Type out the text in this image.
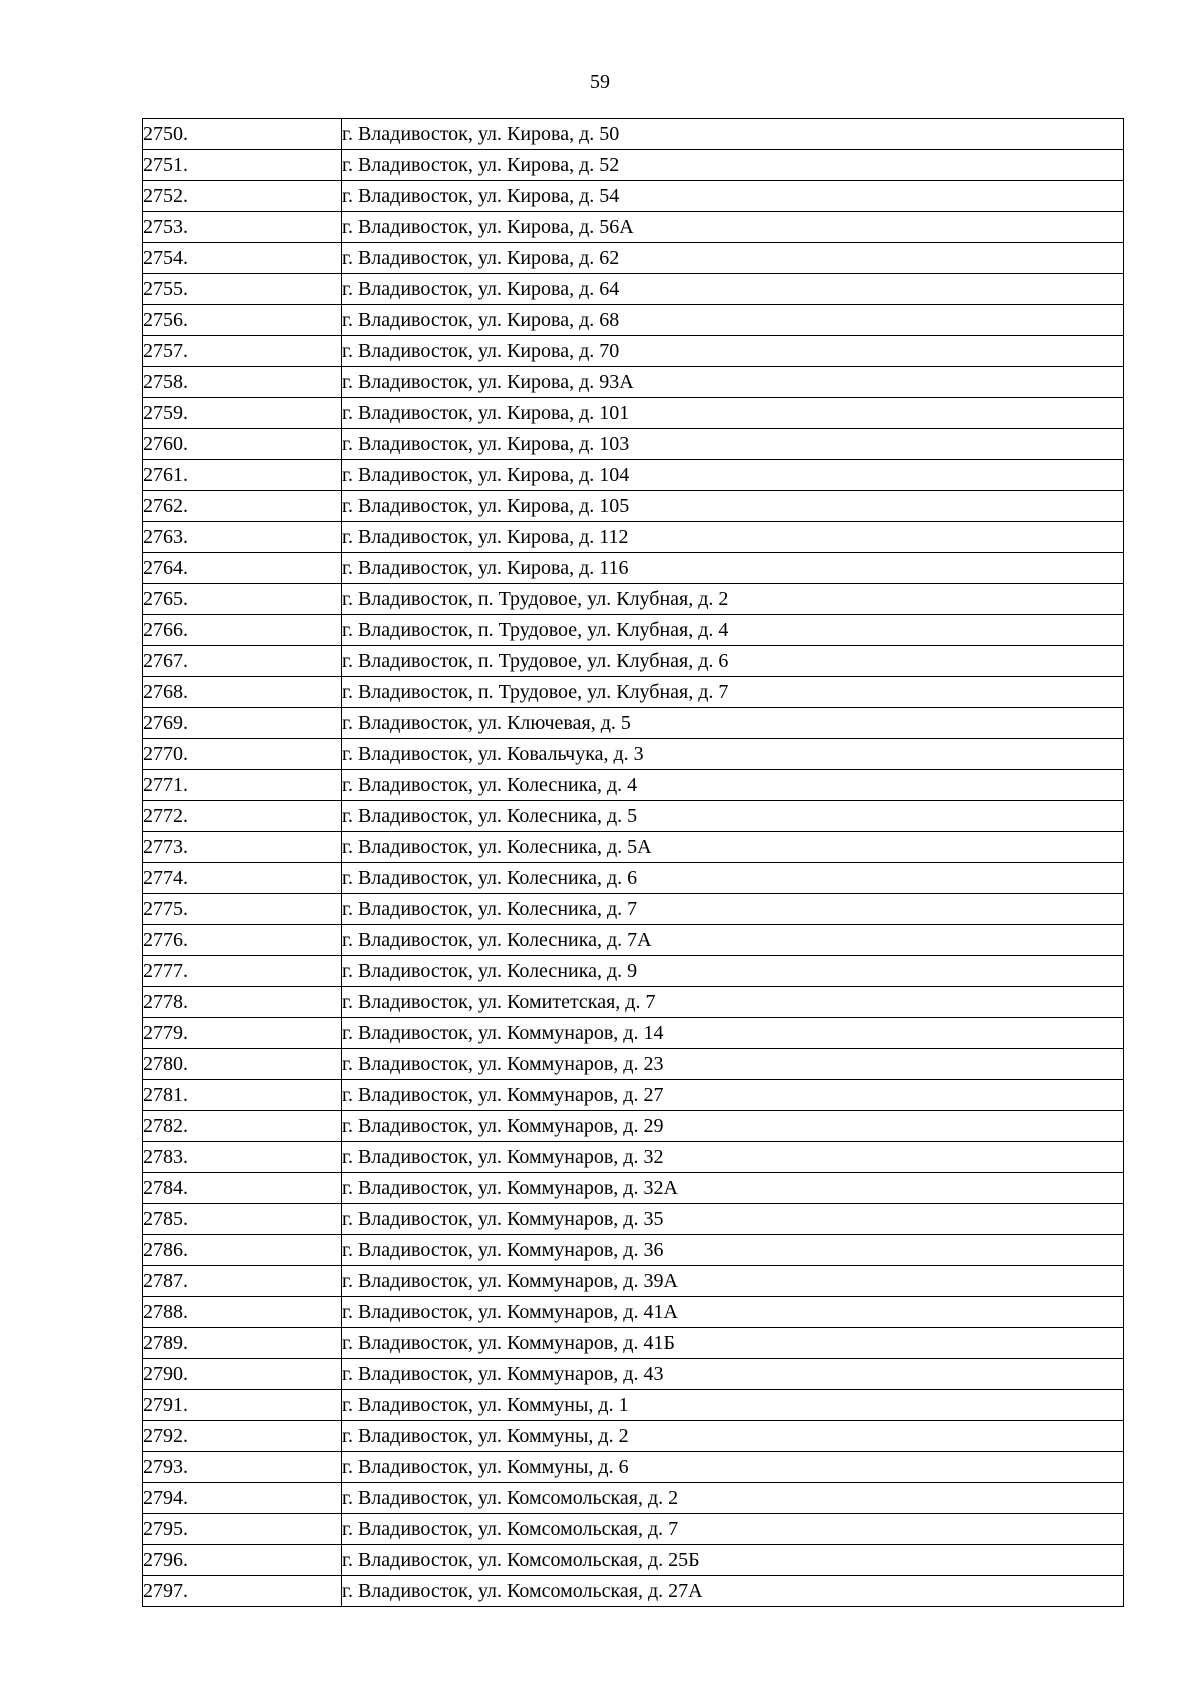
59
2750.	г. Владивосток, ул. Кирова, д. 50
2751.	г. Владивосток, ул. Кирова, д. 52
2752.	г. Владивосток, ул. Кирова, д. 54
2753.	г. Владивосток, ул. Кирова, д. 56А
2754.	г. Владивосток, ул. Кирова, д. 62
2755.	г. Владивосток, ул. Кирова, д. 64
2756.	г. Владивосток, ул. Кирова, д. 68
2757.	г. Владивосток, ул. Кирова, д. 70
2758.	г. Владивосток, ул. Кирова, д. 93А
2759.	г. Владивосток, ул. Кирова, д. 101
2760.	г. Владивосток, ул. Кирова, д. 103
2761.	г. Владивосток, ул. Кирова, д. 104
2762.	г. Владивосток, ул. Кирова, д. 105
2763.	г. Владивосток, ул. Кирова, д. 112
2764.	г. Владивосток, ул. Кирова, д. 116
2765.	г. Владивосток, п. Трудовое, ул. Клубная, д. 2
2766.	г. Владивосток, п. Трудовое, ул. Клубная, д. 4
2767.	г. Владивосток, п. Трудовое, ул. Клубная, д. 6
2768.	г. Владивосток, п. Трудовое, ул. Клубная, д. 7
2769.	г. Владивосток, ул. Ключевая, д. 5
2770.	г. Владивосток, ул. Ковальчука, д. 3
2771.	г. Владивосток, ул. Колесника, д. 4
2772.	г. Владивосток, ул. Колесника, д. 5
2773.	г. Владивосток, ул. Колесника, д. 5А
2774.	г. Владивосток, ул. Колесника, д. 6
2775.	г. Владивосток, ул. Колесника, д. 7
2776.	г. Владивосток, ул. Колесника, д. 7А
2777.	г. Владивосток, ул. Колесника, д. 9
2778.	г. Владивосток, ул. Комитетская, д. 7
2779.	г. Владивосток, ул. Коммунаров, д. 14
2780.	г. Владивосток, ул. Коммунаров, д. 23
2781.	г. Владивосток, ул. Коммунаров, д. 27
2782.	г. Владивосток, ул. Коммунаров, д. 29
2783.	г. Владивосток, ул. Коммунаров, д. 32
2784.	г. Владивосток, ул. Коммунаров, д. 32А
2785.	г. Владивосток, ул. Коммунаров, д. 35
2786.	г. Владивосток, ул. Коммунаров, д. 36
2787.	г. Владивосток, ул. Коммунаров, д. 39А
2788.	г. Владивосток, ул. Коммунаров, д. 41А
2789.	г. Владивосток, ул. Коммунаров, д. 41Б
2790.	г. Владивосток, ул. Коммунаров, д. 43
2791.	г. Владивосток, ул. Коммуны, д. 1
2792.	г. Владивосток, ул. Коммуны, д. 2
2793.	г. Владивосток, ул. Коммуны, д. 6
2794.	г. Владивосток, ул. Комсомольская, д. 2
2795.	г. Владивосток, ул. Комсомольская, д. 7
2796.	г. Владивосток, ул. Комсомольская, д. 25Б
2797.	г. Владивосток, ул. Комсомольская, д. 27А
